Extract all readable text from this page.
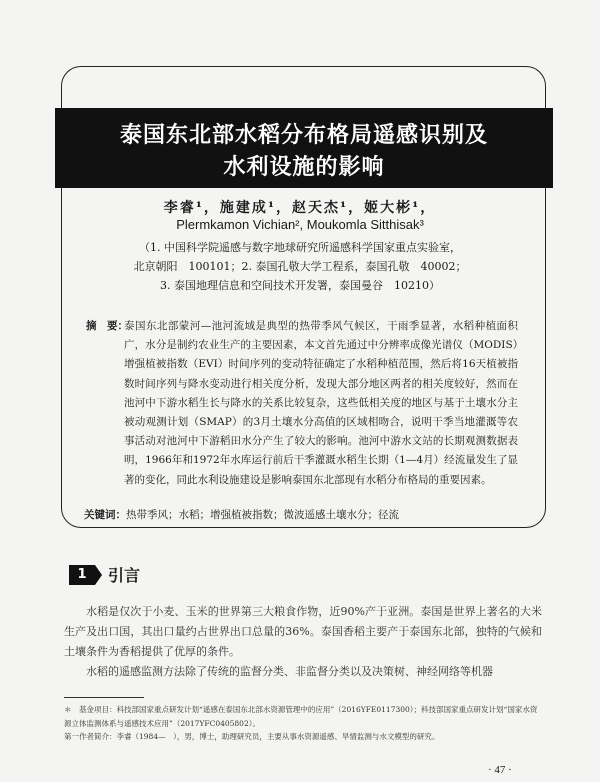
泰国东北部水稻分布格局遥感识别及
水利设施的影响
李睿¹，施建成¹，赵天杰¹，姬大彬¹，
Plermkamon Vichian², Moukomla Sitthisak³
（1. 中国科学院遥感与数字地球研究所遥感科学国家重点实验室，
北京朝阳　100101；2. 泰国孔敬大学工程系，泰国孔敬　40002；
3. 泰国地理信息和空间技术开发署，泰国曼谷　10210）
摘　要：
泰国东北部蒙河—池河流域是典型的热带季风气候区，干雨季显著，水稻种植面积广，水分是制约农业生产的主要因素，本文首先通过中分辨率成像光谱仪（MODIS）增强植被指数（EVI）时间序列的变动特征确定了水稻种植范围，然后将16天植被指数时间序列与降水变动进行相关度分析，发现大部分地区两者的相关度较好，然而在池河中下游水稻生长与降水的关系比较复杂，这些低相关度的地区与基于土壤水分主被动观测计划（SMAP）的3月土壤水分高值的区域相吻合，说明干季当地灌溉等农事活动对池河中下游稻田水分产生了较大的影响。池河中游水文站的长期观测数据表明，1966年和1972年水库运行前后干季灌溉水稻生长期（1—4月）经流量发生了显著的变化，同此水利设施建设是影响泰国东北部现有水稻分布格局的重要因素。
关键词：热带季风；水稻；增强植被指数；微波遥感土壤水分；径流
1	引言

水稻是仅次于小麦、玉米的世界第三大粮食作物，近90%产于亚洲。泰国是世界上著名的大米生产及出口国，其出口量约占世界出口总量的36%。泰国香稻主要产于泰国东北部，独特的气候和土壤条件为香稻提供了优厚的条件。

水稻的遥感监测方法除了传统的监督分类、非监督分类以及决策树、神经网络等机器

＊　基金项目：科技部国家重点研发计划“遥感在泰国东北部水资源管理中的应用”（2016YFE0117300）；科技部国家重点研发计划“国家水资源立体监测体系与遥感技术应用”（2017YFC0405802）。

第一作者简介：李睿（1984—　），男，博士，助理研究员，主要从事水资源遥感、旱情监测与水文模型的研究。

· 47 ·
